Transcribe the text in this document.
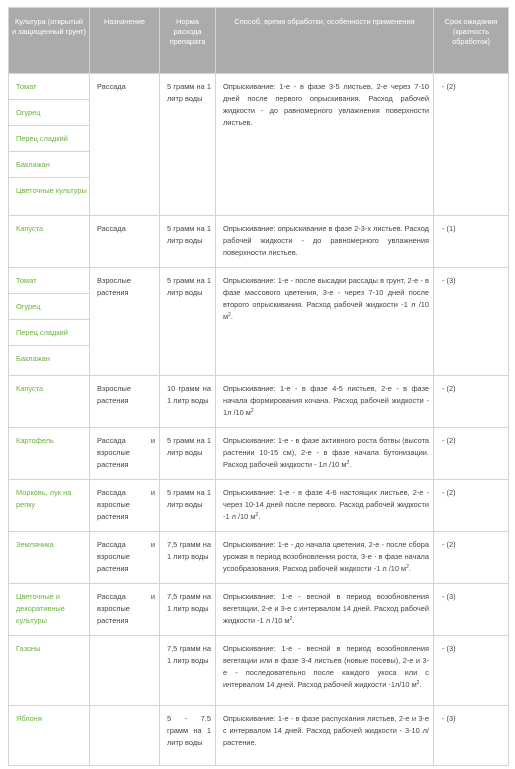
Культура (открытый и защищенный грунт)	Назначение	Норма расхода препарата	Способ, время обработки, особенности применения	Срок ожидания (кратность обработок)
Томат	Рассада	5 грамм на 1 литр воды	Опрыскивание: 1-е - в фазе 3-5 листьев, 2-е через 7-10 дней после первого опрыскивания. Расход рабочей жидкости - до равномерного увлажнения поверхности листьев.	- (2)
Огурец				
Перец сладкий				
Баклажан				
Цветочные культуры				
Капуста	Рассада	5 грамм на 1 литр воды	Опрыскивание: опрыскивание в фазе 2-3-х листьев. Расход рабочей жидкости - до равномерного увлажнения поверхности листьев.	- (1)
Томат	Взрослые растения	5 грамм на 1 литр воды	Опрыскивание: 1-е - после высадки рассады в грунт, 2-е - в фазе массового цветения, 3-е - через 7-10 дней после второго опрыскивания. Расход рабочей жидкости -1 л /10 $м^2$.	- (3)
Огурец				
Перец сладкий				
Баклажан				
Капуста	Взрослые растения	10 грамм на 1 литр воды	Опрыскивание: 1-е - в фазе 4-5 листьев, 2-е - в фазе начала формирования кочана. Расход рабочей жидкости - 1л /10 $м^2$	- (2)
Картофель	Рассада и взрослые растения	5 грамм на 1 литр воды	Опрыскивание: 1-е - в фазе активного роста ботвы (высота растении 10-15 см), 2-е - в фазе начала бутонизации. Расход рабочей жидкости - 1л /10 $м^2$.	- (2)
Морковь, лук на репку	Рассада и взрослые растения	5 грамм на 1 литр воды	Опрыскивание: 1-е - в фазе 4-6 настоящих листьев, 2-е - через 10-14 дней после первого. Расход рабочей жидкости -1 л /10 $м^2$.	- (2)
Земляника	Рассада и взрослые растения	7,5 грамм на 1 литр воды	Опрыскивание: 1-е - до начала цветения, 2-е - после сбора урожая в период возобновления роста, 3-е - в фазе начала усообразования. Расход рабочей жидкости -1 л /10 $м^2$.	- (2)
Цветочные и декоративные культуры	Рассада и взрослые растения	7,5 грамм на 1 литр воды	Опрыскивание: 1-е - весной в период возобновления вегетации, 2-е и 3-е с интервалом 14 дней. Расход рабочей жидкости -1 л /10 $м^2$.	- (3)
Газоны		7,5 грамм на 1 литр воды	Опрыскивание: 1-е - весной в период возобновления вегетации или в фазе 3-4 листьев (новые посевы), 2-е и 3-е - последовательно после каждого укоса или с интервалом 14 дней. Расход рабочей жидкости -1л/10 $м^2$.	- (3)
Яблоня		5 - 7.5 грамм на 1 литр воды	Опрыскивание: 1-е - в фазе распускания листьев, 2-е и 3-е с интервалом 14 дней. Расход рабочей жидкости - 3-10 л/растение.	- (3)
